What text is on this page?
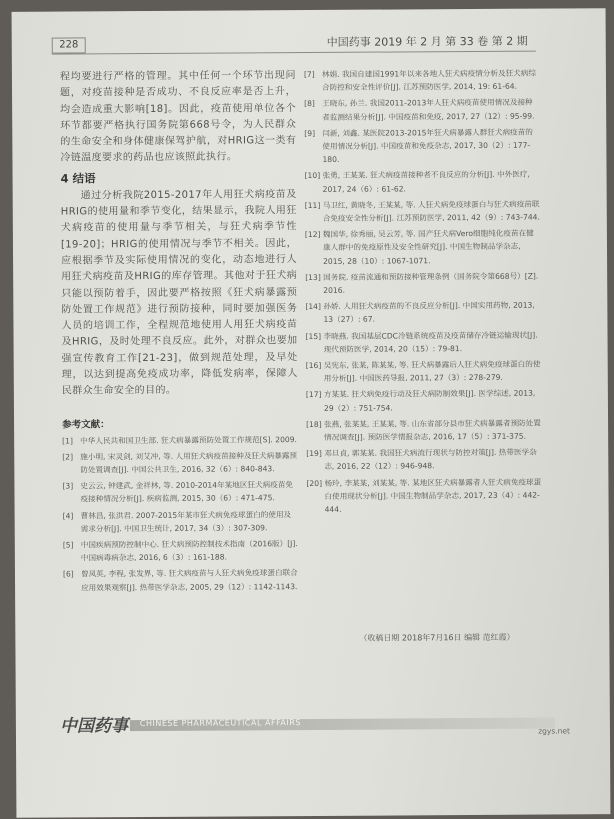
228	中国药事 2019 年 2 月 第 33 卷 第 2 期

程均要进行严格的管理。其中任何一个环节出现问题，对疫苗接种是否成功、不良反应率是否上升，均会造成重大影响[18]。因此，疫苗使用单位各个环节都要严格执行国务院第668号令，为人民群众的生命安全和身体健康保驾护航，对HRIG这一类有冷链温度要求的药品也应该照此执行。

4 结语

通过分析我院2015-2017年人用狂犬病疫苗及HRIG的使用量和季节变化，结果显示，我院人用狂犬病疫苗的使用量与季节相关，与狂犬病季节性[19-20]；HRIG的使用情况与季节不相关。因此，应根据季节及实际使用情况的变化，动态地进行人用狂犬病疫苗及HRIG的库存管理。其他对于狂犬病只能以预防着手，因此要严格按照《狂犬病暴露预防处置工作规范》进行预防接种，同时要加强医务人员的培训工作，全程规范地使用人用狂犬病疫苗及HRIG，及时处理不良反应。此外，对群众也要加强宣传教育工作[21-23]，做到规范处理，及早处理，以达到提高免疫成功率，降低发病率，保障人民群众生命安全的目的。

参考文献：
[1] 中华人民共和国卫生部. 狂犬病暴露预防处置工作规范[S]. 2009.
[2] 施小明, 宋灵剑, 刘艾冲, 等. 人用狂犬病疫苗接种及狂犬病暴露预防处置调查[J]. 中国公共卫生, 2016, 32（6）: 840-843.
[3] 史云云, 钟建武, 金祥林, 等. 2010-2014年某地区狂犬病疫苗免疫接种情况分析[J]. 疾病监测, 2015, 30（6）: 471-475.
[4] 曹林昌, 张洪君. 2007-2015年某市狂犬病免疫球蛋白的使用及需求分析[J]. 中国卫生统计, 2017, 34（3）: 307-309.
[5] 中国疾病预防控制中心. 狂犬病预防控制技术指南（2016版）[J]. 中国病毒病杂志, 2016, 6（3）: 161-188.
[6] 曾凤英, 李程, 张发界, 等. 狂犬病疫苗与人狂犬病免疫球蛋白联合应用效果观察[J]. 热带医学杂志, 2005, 29（12）: 1142-1143.
[7] 林娟. 我国自建国1991年以来各地人狂犬病疫情分析及狂犬病综合防控和安全性评价[J]. 江苏预防医学, 2014, 19: 61-64.
[8] 王晓东, 孙兰. 我国2011-2013年人狂犬病疫苗使用情况及接种者监测结果分析[J]. 中国疫苗和免疫, 2017, 27（12）: 95-99.
[9] 闫新, 刘鑫. 某医院2013-2015年狂犬病暴露人群狂犬病疫苗的使用情况分析[J]. 中国疫苗和免疫杂志, 2017, 30（2）: 177-180.
[10] 张勇, 王某某. 狂犬病疫苗接种者不良反应的分析[J]. 中外医疗, 2017, 24（6）: 61-62.
[11] 马卫红, 黄晓冬, 王某某, 等. 人狂犬病免疫球蛋白与狂犬病疫苗联合免疫安全性分析[J]. 江苏预防医学, 2011, 42（9）: 743-744.
[12] 魏国华, 徐秀丽, 吴云芳, 等. 国产狂犬病Vero细胞纯化疫苗在健康人群中的免疫原性及安全性研究[J]. 中国生物制品学杂志, 2015, 28（10）: 1067-1071.
[13] 国务院. 疫苗流通和预防接种管理条例（国务院令第668号）[Z]. 2016.
[14] 孙娇. 人用狂犬病疫苗的不良反应分析[J]. 中国实用药物, 2013, 13（27）: 67.
[15] 李晓燕. 我国基层CDC冷链系统疫苗及疫苗储存冷链运输现状[J]. 现代预防医学, 2014, 20（15）: 79-81.
[16] 吴宪东, 张某, 陈某某, 等. 狂犬病暴露后人狂犬病免疫球蛋白的使用分析[J]. 中国医药导报, 2011, 27（3）: 278-279.
[17] 方某某. 狂犬病免疫行动及狂犬病防制效果[J]. 医学综述, 2013, 29（2）: 751-754.
[18] 张燕, 张某某, 王某某, 等. 山东省部分县市狂犬病暴露者预防处置情况调查[J]. 预防医学情报杂志, 2016, 17（5）: 371-375.
[19] 邓旦貞, 郭某某. 我国狂犬病流行现状与防控对策[J]. 热带医学杂志, 2016, 22（12）: 946-948.
[20] 杨玲, 李某某, 刘某某, 等. 某地区狂犬病暴露者人狂犬病免疫球蛋白使用现状分析[J]. 中国生物制品学杂志, 2017, 23（4）: 442-444.
（收稿日期 2018年7月16日 编辑 范红霞）
中国药事 CHINESE PHARMACEUTICAL AFFAIRS
zgys.net
